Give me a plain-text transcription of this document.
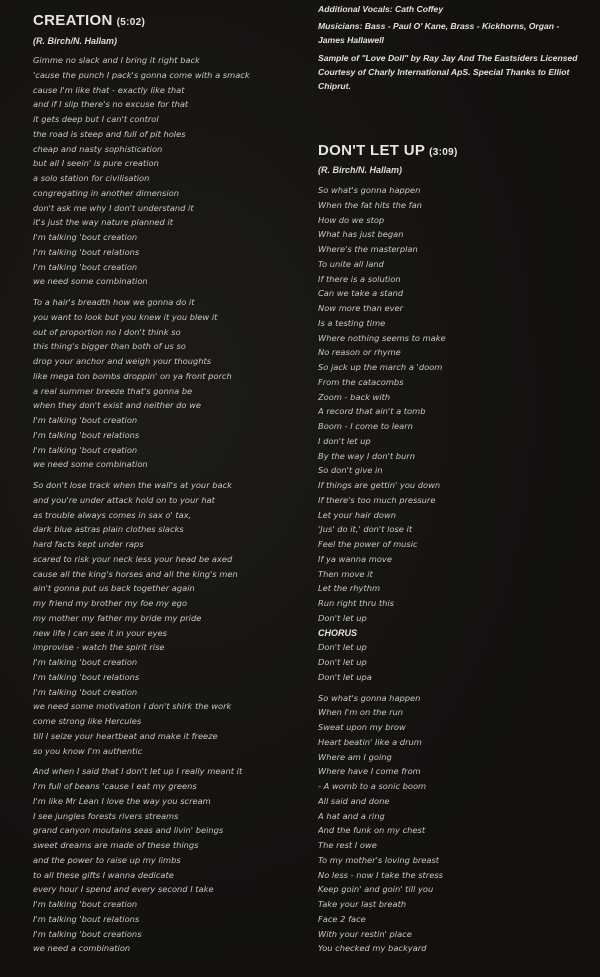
CREATION (5:02)
(R. Birch/N. Hallam)
Gimme no slack and I bring it right back
'cause the punch I pack's gonna come with a smack
cause I'm like that - exactly like that
and if I slip there's no excuse for that
it gets deep but I can't control
the road is steep and full of pit holes
cheap and nasty sophistication
but all I seein' is pure creation
a solo station for civilisation
congregating in another dimension
don't ask me why I don't understand it
it's just the way nature planned it
I'm talking 'bout creation
I'm talking 'bout relations
I'm talking 'bout creation
we need some combination
To a hair's breadth how we gonna do it
you want to look but you knew it you blew it
out of proportion no I don't think so
this thing's bigger than both of us so
drop your anchor and weigh your thoughts
like mega ton bombs droppin' on ya front porch
a real summer breeze that's gonna be
when they don't exist and neither do we
I'm talking 'bout creation
I'm talking 'bout relations
I'm talking 'bout creation
we need some combination
So don't lose track when the wall's at your back
and you're under attack hold on to your hat
as trouble always comes in sax o' tax,
dark blue astras plain clothes slacks
hard facts kept under raps
scared to risk your neck less your head be axed
cause all the king's horses and all the king's men
ain't gonna put us back together again
my friend my brother my foe my ego
my mother my father my bride my pride
new life I can see it in your eyes
improvise - watch the spirit rise
I'm talking 'bout creation
I'm talking 'bout relations
I'm talking 'bout creation
we need some motivation I don't shirk the work
come strong like Hercules
till I seize your heartbeat and make it freeze
so you know I'm authentic
And when I said that I don't let up I really meant it
I'm full of beans 'cause I eat my greens
I'm like Mr Lean I love the way you scream
I see jungles forests rivers streams
grand canyon moutains seas and livin' beings
sweet dreams are made of these things
and the power to raise up my limbs
to all these gifts I wanna dedicate
every hour I spend and every second I take
I'm talking 'bout creation
I'm talking 'bout relations
I'm talking 'bout creations
we need a combination

Additional Vocals: Cath Coffey

Musicians: Bass - Paul O' Kane, Brass - Kickhorns, Organ - James Hallawell

Sample of "Love Doll" by Ray Jay And The Eastsiders Licensed Courtesy of Charly International ApS. Special Thanks to Elliot Chiprut.

DON'T LET UP (3:09)
(R. Birch/N. Hallam)
So what's gonna happen
When the fat hits the fan
How do we stop
What has just began
Where's the masterplan
To unite all land
If there is a solution
Can we take a stand
Now more than ever
Is a testing time
Where nothing seems to make
No reason or rhyme
So jack up the march a 'doom
From the catacombs
Zoom - back with
A record that ain't a tomb
Boom - I come to learn
I don't let up
By the way I don't burn
So don't give in
If things are gettin' you down
If there's too much pressure
Let your hair down
'Jus' do it,' don't lose it
Feel the power of music
If ya wanna move
Then move it
Let the rhythm
Run right thru this
Don't let up
CHORUS
Don't let up
Don't let up
Don't let upa
So what's gonna happen
When I'm on the run
Sweat upon my brow
Heart beatin' like a drum
Where am I going
Where have I come from
- A womb to a sonic boom
All said and done
A hat and a ring
And the funk on my chest
The rest I owe
To my mother's loving breast
No less - now I take the stress
Keep goin' and goin' till you
Take your last breath
Face 2 face
With your restin' place
You checked my backyard
